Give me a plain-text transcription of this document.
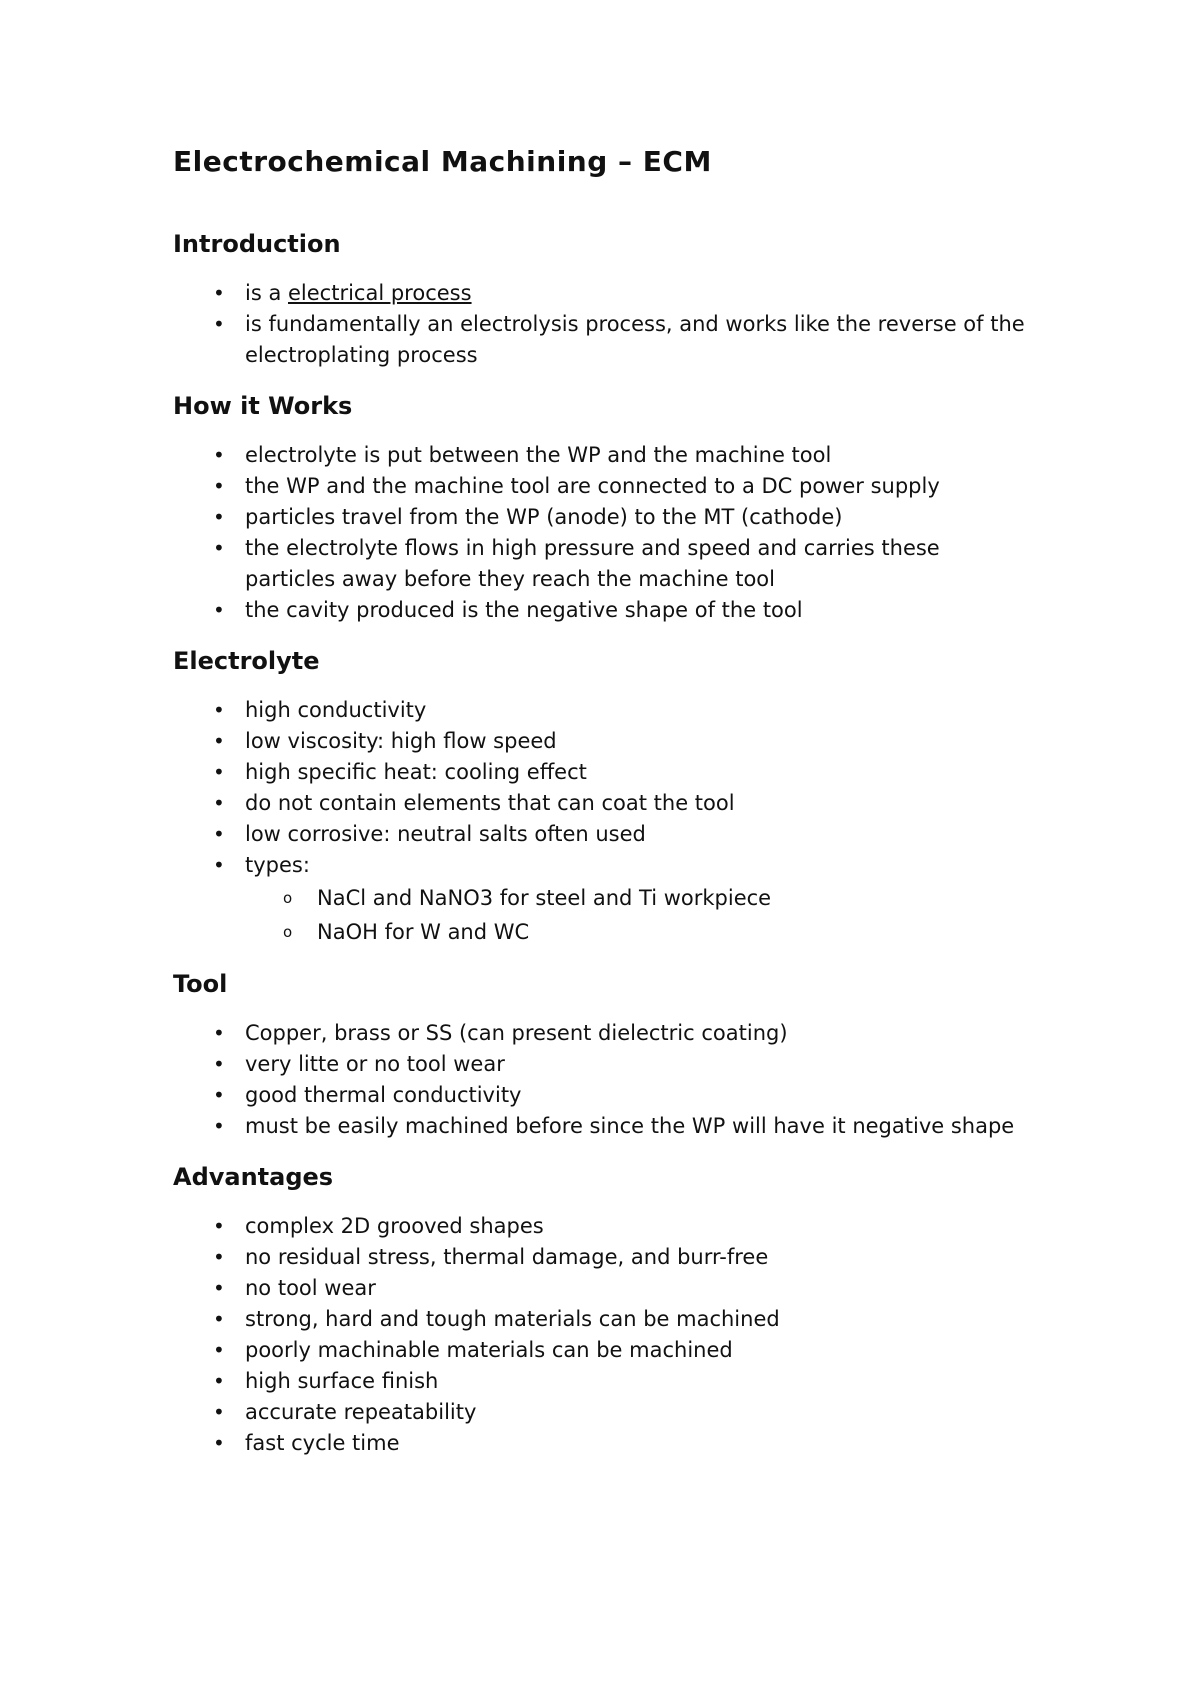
Electrochemical Machining – ECM
Introduction
• is a electrical process
• is fundamentally an electrolysis process, and works like the reverse of the electroplating process
How it Works
• electrolyte is put between the WP and the machine tool
• the WP and the machine tool are connected to a DC power supply
• particles travel from the WP (anode) to the MT (cathode)
• the electrolyte flows in high pressure and speed and carries these particles away before they reach the machine tool
• the cavity produced is the negative shape of the tool
Electrolyte
• high conductivity
• low viscosity: high flow speed
• high specific heat: cooling effect
• do not contain elements that can coat the tool
• low corrosive: neutral salts often used
• types:
o	NaCl and NaNO3 for steel and Ti workpiece
o	NaOH for W and WC
Tool
• Copper, brass or SS (can present dielectric coating)
• very litte or no tool wear
• good thermal conductivity
• must be easily machined before since the WP will have it negative shape
Advantages
• complex 2D grooved shapes
• no residual stress, thermal damage, and burr-free
• no tool wear
• strong, hard and tough materials can be machined
• poorly machinable materials can be machined
• high surface finish
• accurate repeatability
• fast cycle time
